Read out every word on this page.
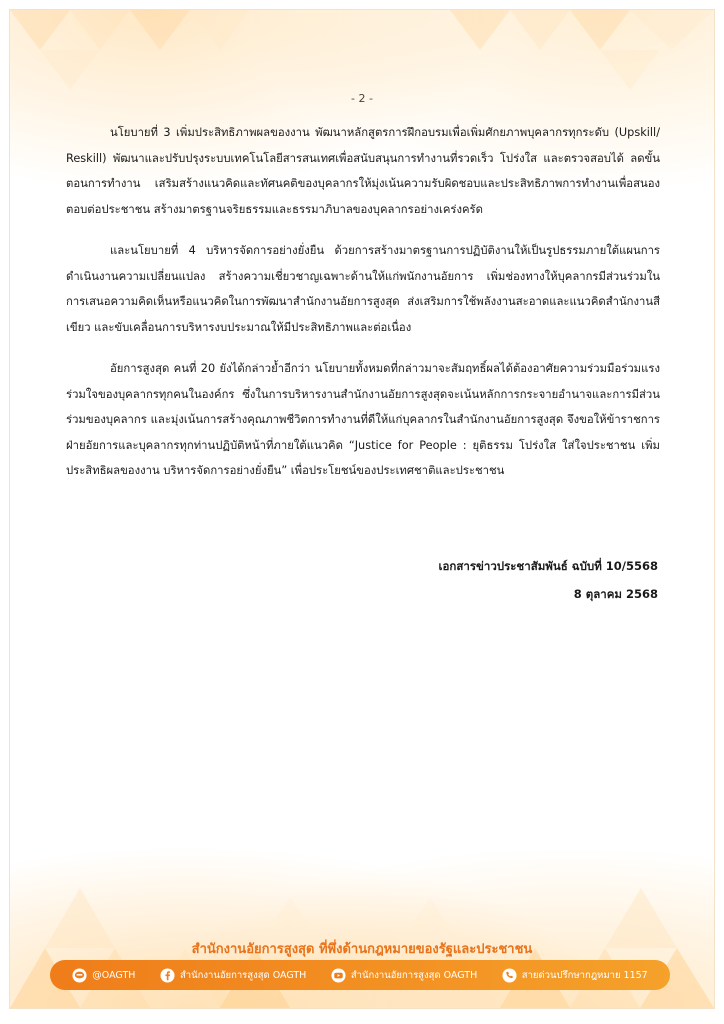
- 2 -

นโยบายที่ 3 เพิ่มประสิทธิภาพผลของงาน พัฒนาหลักสูตรการฝึกอบรมเพื่อเพิ่มศักยภาพบุคลากรทุกระดับ (Upskill/ Reskill) พัฒนาและปรับปรุงระบบเทคโนโลยีสารสนเทศเพื่อสนับสนุนการทำงานที่รวดเร็ว โปร่งใส และตรวจสอบได้ ลดขั้นตอนการทำงาน เสริมสร้างแนวคิดและทัศนคติของบุคลากรให้มุ่งเน้นความรับผิดชอบและประสิทธิภาพการทำงานเพื่อสนองตอบต่อประชาชน สร้างมาตรฐานจริยธรรมและธรรมาภิบาลของบุคลากรอย่างเคร่งครัด

และนโยบายที่ 4 บริหารจัดการอย่างยั่งยืน ด้วยการสร้างมาตรฐานการปฏิบัติงานให้เป็นรูปธรรมภายใต้แผนการดำเนินงานความเปลี่ยนแปลง สร้างความเชี่ยวชาญเฉพาะด้านให้แก่พนักงานอัยการ เพิ่มช่องทางให้บุคลากรมีส่วนร่วมในการเสนอความคิดเห็นหรือแนวคิดในการพัฒนาสำนักงานอัยการสูงสุด ส่งเสริมการใช้พลังงานสะอาดและแนวคิดสำนักงานสีเขียว และขับเคลื่อนการบริหารงบประมาณให้มีประสิทธิภาพและต่อเนื่อง

อัยการสูงสุด คนที่ 20 ยังได้กล่าวย้ำอีกว่า นโยบายทั้งหมดที่กล่าวมาจะสัมฤทธิ์ผลได้ต้องอาศัยความร่วมมือร่วมแรง ร่วมใจของบุคลากรทุกคนในองค์กร ซึ่งในการบริหารงานสำนักงานอัยการสูงสุดจะเน้นหลักการกระจายอำนาจและการมีส่วนร่วมของบุคลากร และมุ่งเน้นการสร้างคุณภาพชีวิตการทำงานที่ดีให้แก่บุคลากรในสำนักงานอัยการสูงสุด จึงขอให้ข้าราชการฝ่ายอัยการและบุคลากรทุกท่านปฏิบัติหน้าที่ภายใต้แนวคิด “Justice for People : ยุติธรรม โปร่งใส ใส่ใจประชาชน เพิ่มประสิทธิผลของงาน บริหารจัดการอย่างยั่งยืน” เพื่อประโยชน์ของประเทศชาติและประชาชน

เอกสารข่าวประชาสัมพันธ์ ฉบับที่ 10/5568
8 ตุลาคม 2568
สำนักงานอัยการสูงสุด ที่พึ่งด้านกฎหมายของรัฐและประชาชน
@OAGTH	สำนักงานอัยการสูงสุด OAGTH	สำนักงานอัยการสูงสุด OAGTH	สายด่วนปรึกษากฎหมาย 1157
